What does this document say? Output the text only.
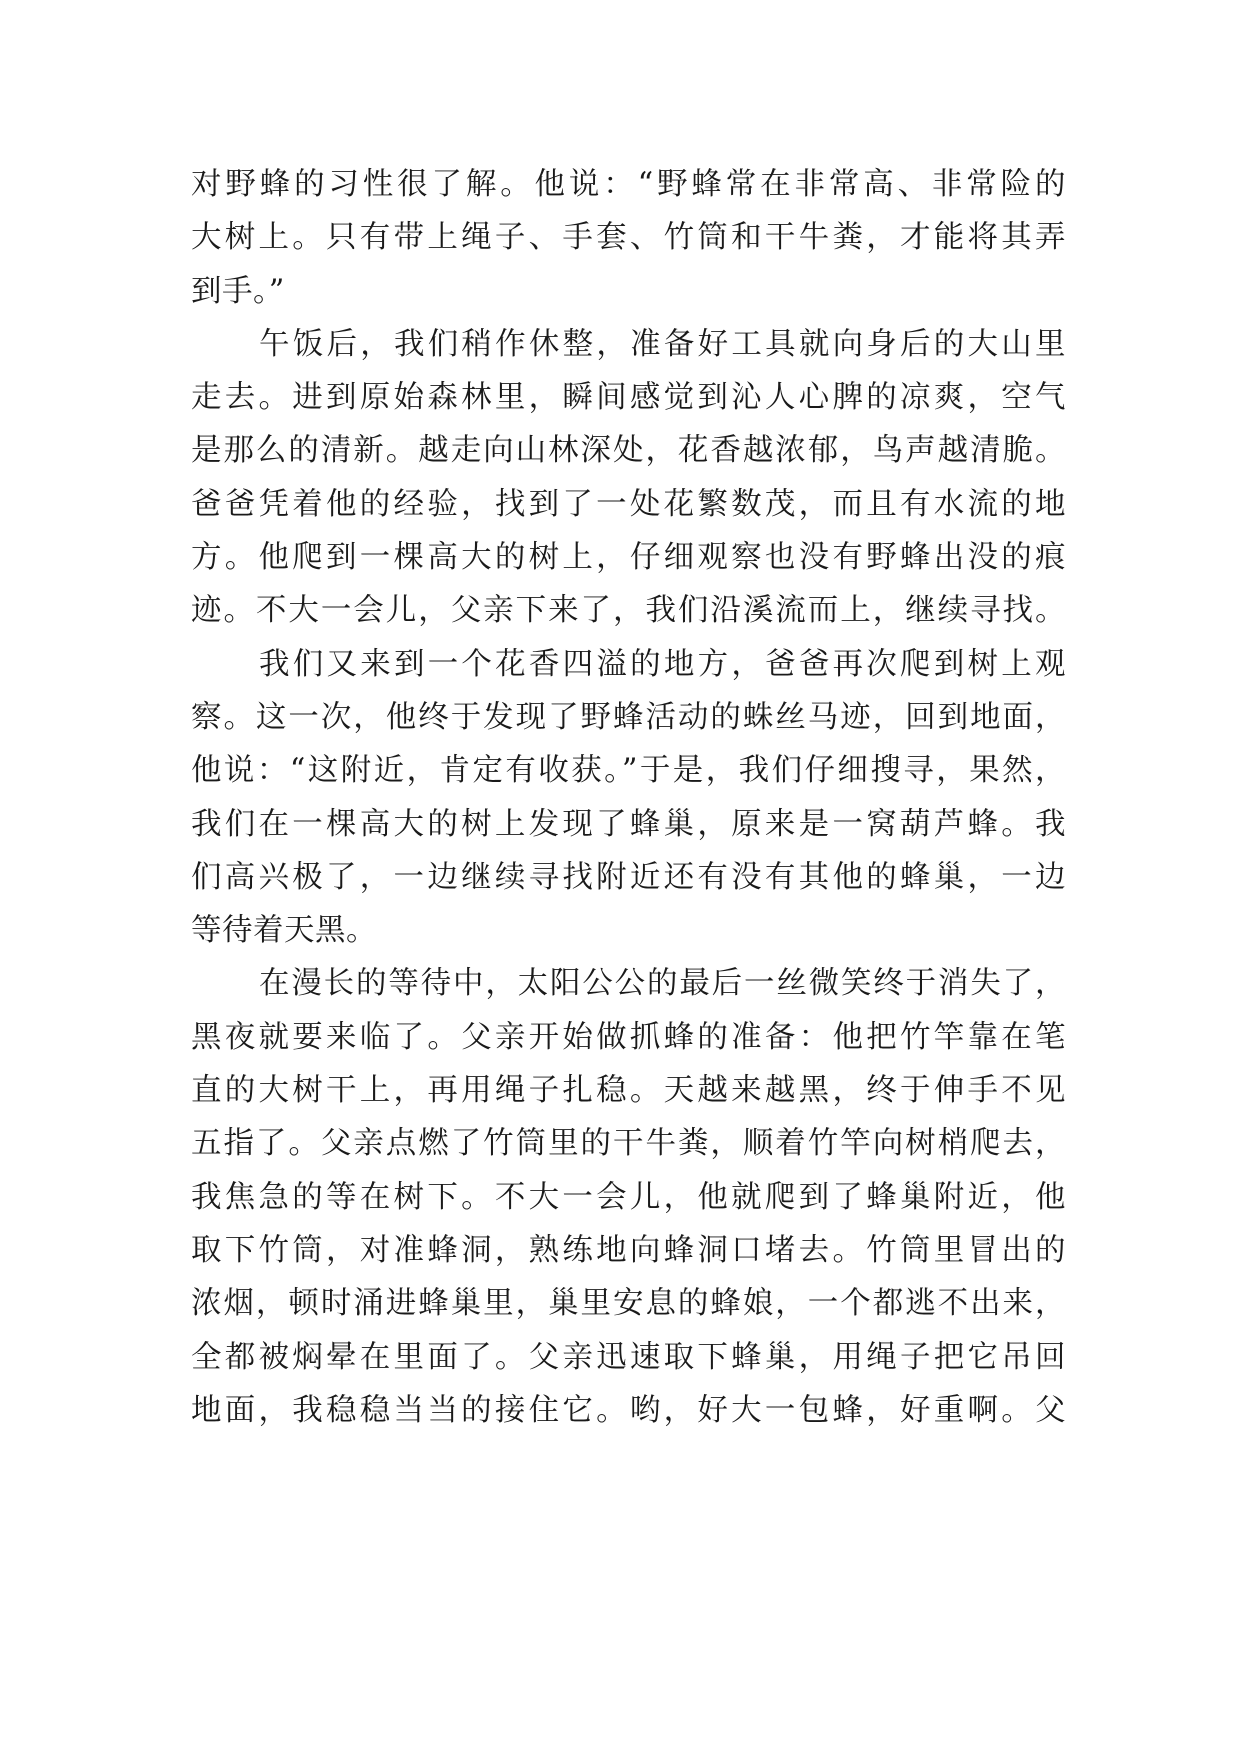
对野蜂的习性很了解。他说：“野蜂常在非常高、非常险的
大树上。只有带上绳子、手套、竹筒和干牛粪，才能将其弄
到手。”
午饭后，我们稍作休整，准备好工具就向身后的大山里
走去。进到原始森林里，瞬间感觉到沁人心脾的凉爽，空气
是那么的清新。越走向山林深处，花香越浓郁，鸟声越清脆。
爸爸凭着他的经验，找到了一处花繁数茂，而且有水流的地
方。他爬到一棵高大的树上，仔细观察也没有野蜂出没的痕
迹。不大一会儿，父亲下来了，我们沿溪流而上，继续寻找。
我们又来到一个花香四溢的地方，爸爸再次爬到树上观
察。这一次，他终于发现了野蜂活动的蛛丝马迹，回到地面，
他说：“这附近，肯定有收获。”于是，我们仔细搜寻，果然，
我们在一棵高大的树上发现了蜂巢，原来是一窝葫芦蜂。我
们高兴极了，一边继续寻找附近还有没有其他的蜂巢，一边
等待着天黑。
在漫长的等待中，太阳公公的最后一丝微笑终于消失了，
黑夜就要来临了。父亲开始做抓蜂的准备：他把竹竿靠在笔
直的大树干上，再用绳子扎稳。天越来越黑，终于伸手不见
五指了。父亲点燃了竹筒里的干牛粪，顺着竹竿向树梢爬去，
我焦急的等在树下。不大一会儿，他就爬到了蜂巢附近，他
取下竹筒，对准蜂洞，熟练地向蜂洞口堵去。竹筒里冒出的
浓烟，顿时涌进蜂巢里，巢里安息的蜂娘，一个都逃不出来，
全都被焖晕在里面了。父亲迅速取下蜂巢，用绳子把它吊回
地面，我稳稳当当的接住它。哟，好大一包蜂，好重啊。父
